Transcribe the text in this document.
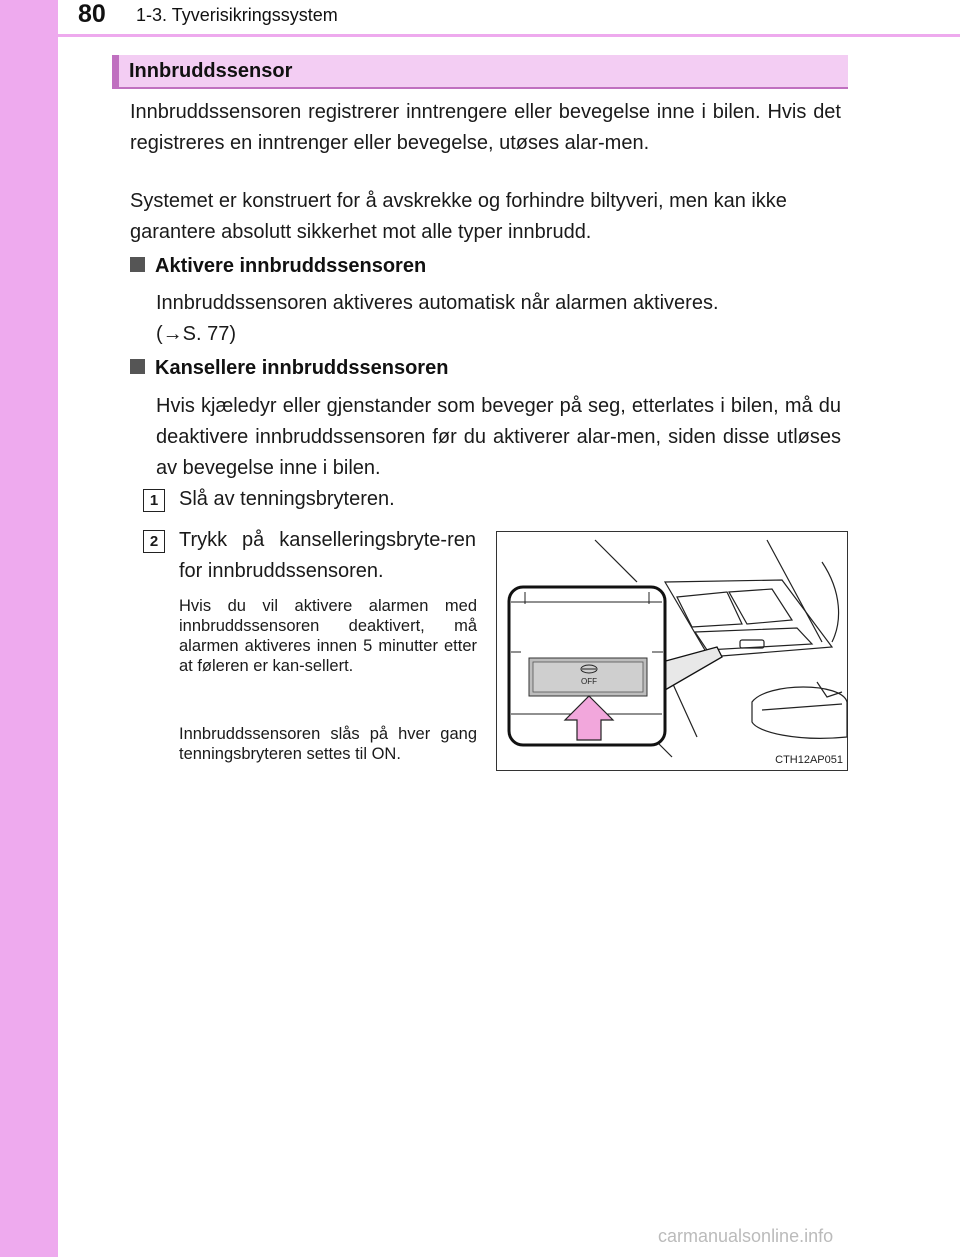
80 1-3. Tyverisikringssystem
Innbruddssensor
Innbruddssensoren registrerer inntrengere eller bevegelse inne i bilen. Hvis det registreres en inntrenger eller bevegelse, utøses alar-men.
Systemet er konstruert for å avskrekke og forhindre biltyveri, men kan ikke garantere absolutt sikkerhet mot alle typer innbrudd.
Aktivere innbruddssensoren
Innbruddssensoren aktiveres automatisk når alarmen aktiveres.
(→S. 77)
Kansellere innbruddssensoren
Hvis kjæledyr eller gjenstander som beveger på seg, etterlates i bilen, må du deaktivere innbruddssensoren før du aktiverer alar-men, siden disse utløses av bevegelse inne i bilen.
1	Slå av tenningsbryteren.
2	Trykk på kanselleringsbryte-ren for innbruddssensoren.
Hvis du vil aktivere alarmen med innbruddssensoren deaktivert, må alarmen aktiveres innen 5 minutter etter at føleren er kan-sellert.
Innbruddssensoren slås på hver gang tenningsbryteren settes til ON.
OFF
CTH12AP051
carmanualsonline.info
